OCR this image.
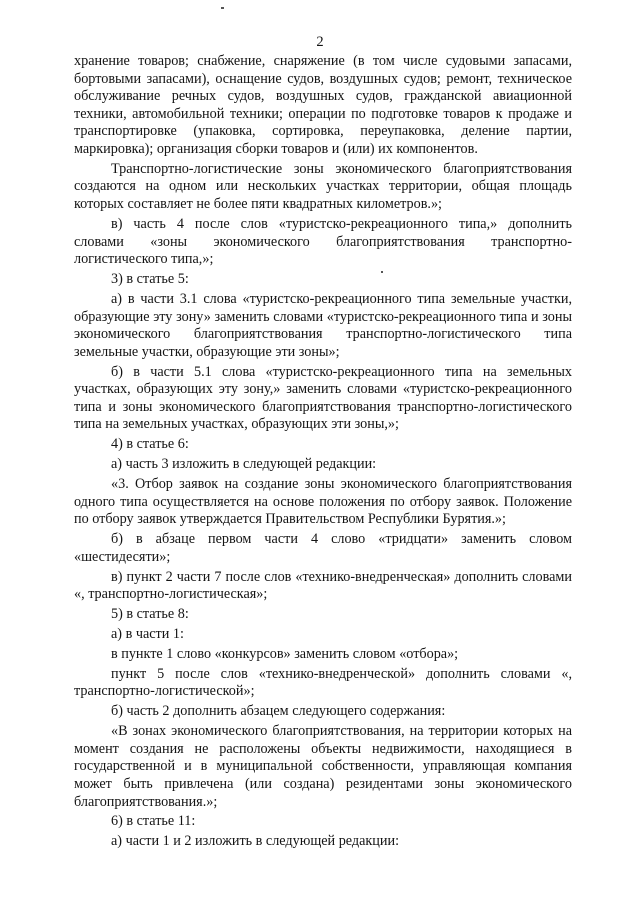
2

хранение товаров; снабжение, снаряжение (в том числе судовыми запасами, бортовыми запасами), оснащение судов, воздушных судов; ремонт, техническое обслуживание речных судов, воздушных судов, гражданской авиационной техники, автомобильной техники; операции по подготовке товаров к продаже и транспортировке (упаковка, сортировка, переупаковка, деление партии, маркировка); организация сборки товаров и (или) их компонентов.

Транспортно-логистические зоны экономического благоприятствования создаются на одном или нескольких участках территории, общая площадь которых составляет не более пяти квадратных километров.»;

в) часть 4 после слов «туристско-рекреационного типа,» дополнить словами «зоны экономического благоприятствования транспортно-логистического типа,»;

3) в статье 5:

а) в части 3.1 слова «туристско-рекреационного типа земельные участки, образующие эту зону» заменить словами «туристско-рекреационного типа и зоны экономического благоприятствования транспортно-логистического типа земельные участки, образующие эти зоны»;

б) в части 5.1 слова «туристско-рекреационного типа на земельных участках, образующих эту зону,» заменить словами «туристско-рекреационного типа и зоны экономического благоприятствования транспортно-логистического типа на земельных участках, образующих эти зоны,»;

4) в статье 6:

а) часть 3 изложить в следующей редакции:

«3. Отбор заявок на создание зоны экономического благоприятствования одного типа осуществляется на основе положения по отбору заявок. Положение по отбору заявок утверждается Правительством Республики Бурятия.»;

б) в абзаце первом части 4 слово «тридцати» заменить словом «шестидесяти»;

в) пункт 2 части 7 после слов «технико-внедренческая» дополнить словами «, транспортно-логистическая»;

5) в статье 8:

а) в части 1:

в пункте 1 слово «конкурсов» заменить словом «отбора»;

пункт 5 после слов «технико-внедренческой» дополнить словами «, транспортно-логистической»;

б) часть 2 дополнить абзацем следующего содержания:

«В зонах экономического благоприятствования, на территории которых на момент создания не расположены объекты недвижимости, находящиеся в государственной и в муниципальной собственности, управляющая компания может быть привлечена (или создана) резидентами зоны экономического благоприятствования.»;

6) в статье 11:

а) части 1 и 2 изложить в следующей редакции:
